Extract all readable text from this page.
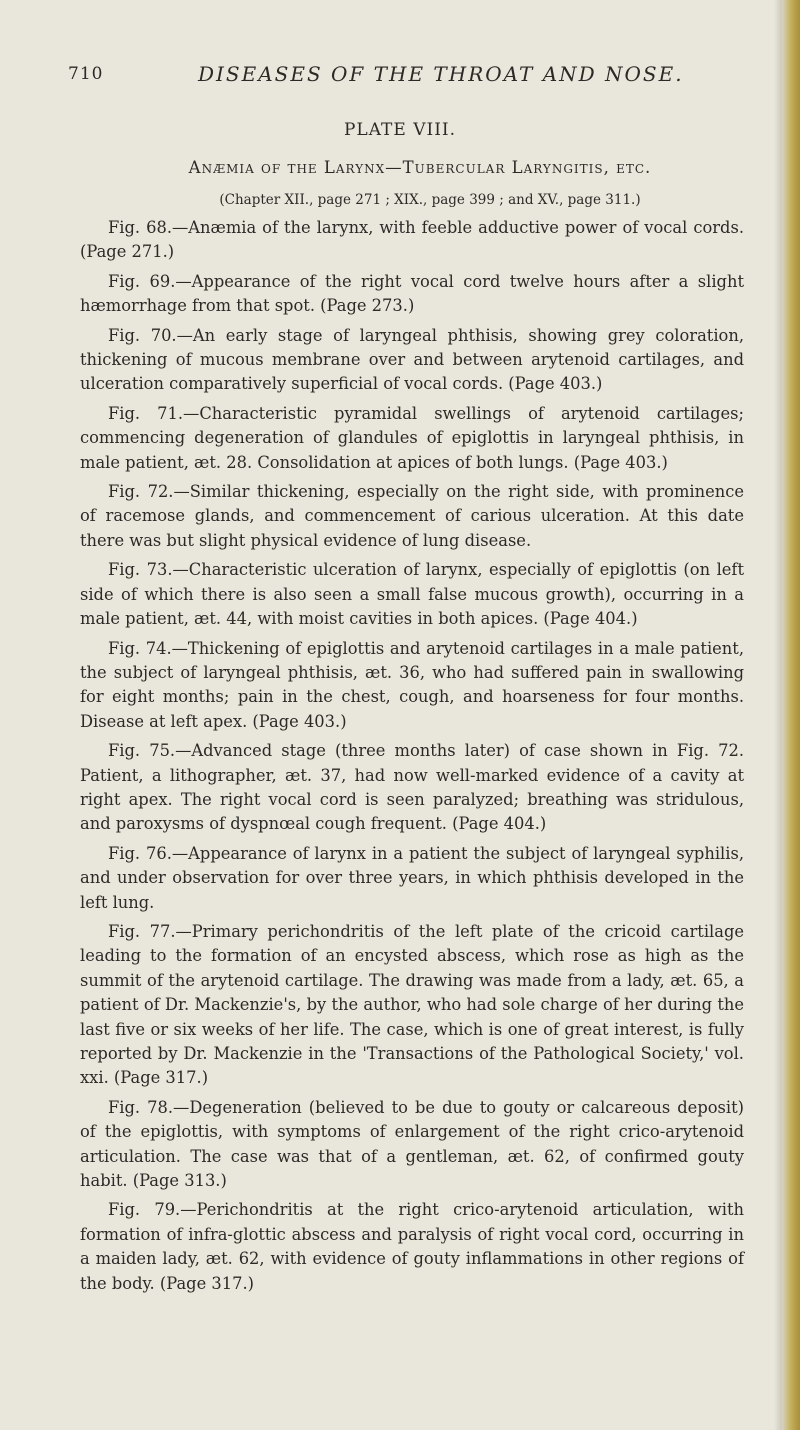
710	DISEASES OF THE THROAT AND NOSE.
PLATE VIII.
Anæmia of the Larynx—Tubercular Laryngitis, etc.
(Chapter XII., page 271 ; XIX., page 399 ; and XV., page 311.)

Fig. 68.—Anæmia of the larynx, with feeble adductive power of vocal cords. (Page 271.)

Fig. 69.—Appearance of the right vocal cord twelve hours after a slight hæmorrhage from that spot. (Page 273.)

Fig. 70.—An early stage of laryngeal phthisis, showing grey coloration, thickening of mucous membrane over and between arytenoid cartilages, and ulceration comparatively superficial of vocal cords. (Page 403.)

Fig. 71.—Characteristic pyramidal swellings of arytenoid cartilages; commencing degeneration of glandules of epiglottis in laryngeal phthisis, in male patient, æt. 28. Consolidation at apices of both lungs. (Page 403.)

Fig. 72.—Similar thickening, especially on the right side, with prominence of racemose glands, and commencement of carious ulceration. At this date there was but slight physical evidence of lung disease.

Fig. 73.—Characteristic ulceration of larynx, especially of epiglottis (on left side of which there is also seen a small false mucous growth), occurring in a male patient, æt. 44, with moist cavities in both apices. (Page 404.)

Fig. 74.—Thickening of epiglottis and arytenoid cartilages in a male patient, the subject of laryngeal phthisis, æt. 36, who had suffered pain in swallowing for eight months; pain in the chest, cough, and hoarseness for four months. Disease at left apex. (Page 403.)

Fig. 75.—Advanced stage (three months later) of case shown in Fig. 72. Patient, a lithographer, æt. 37, had now well-marked evidence of a cavity at right apex. The right vocal cord is seen paralyzed; breathing was stridulous, and paroxysms of dyspnœal cough frequent. (Page 404.)

Fig. 76.—Appearance of larynx in a patient the subject of laryngeal syphilis, and under observation for over three years, in which phthisis developed in the left lung.

Fig. 77.—Primary perichondritis of the left plate of the cricoid cartilage leading to the formation of an encysted abscess, which rose as high as the summit of the arytenoid cartilage. The drawing was made from a lady, æt. 65, a patient of Dr. Mackenzie's, by the author, who had sole charge of her during the last five or six weeks of her life. The case, which is one of great interest, is fully reported by Dr. Mackenzie in the 'Transactions of the Pathological Society,' vol. xxi. (Page 317.)

Fig. 78.—Degeneration (believed to be due to gouty or calcareous deposit) of the epiglottis, with symptoms of enlargement of the right crico-arytenoid articulation. The case was that of a gentleman, æt. 62, of confirmed gouty habit. (Page 313.)

Fig. 79.—Perichondritis at the right crico-arytenoid articulation, with formation of infra-glottic abscess and paralysis of right vocal cord, occurring in a maiden lady, æt. 62, with evidence of gouty inflammations in other regions of the body. (Page 317.)
